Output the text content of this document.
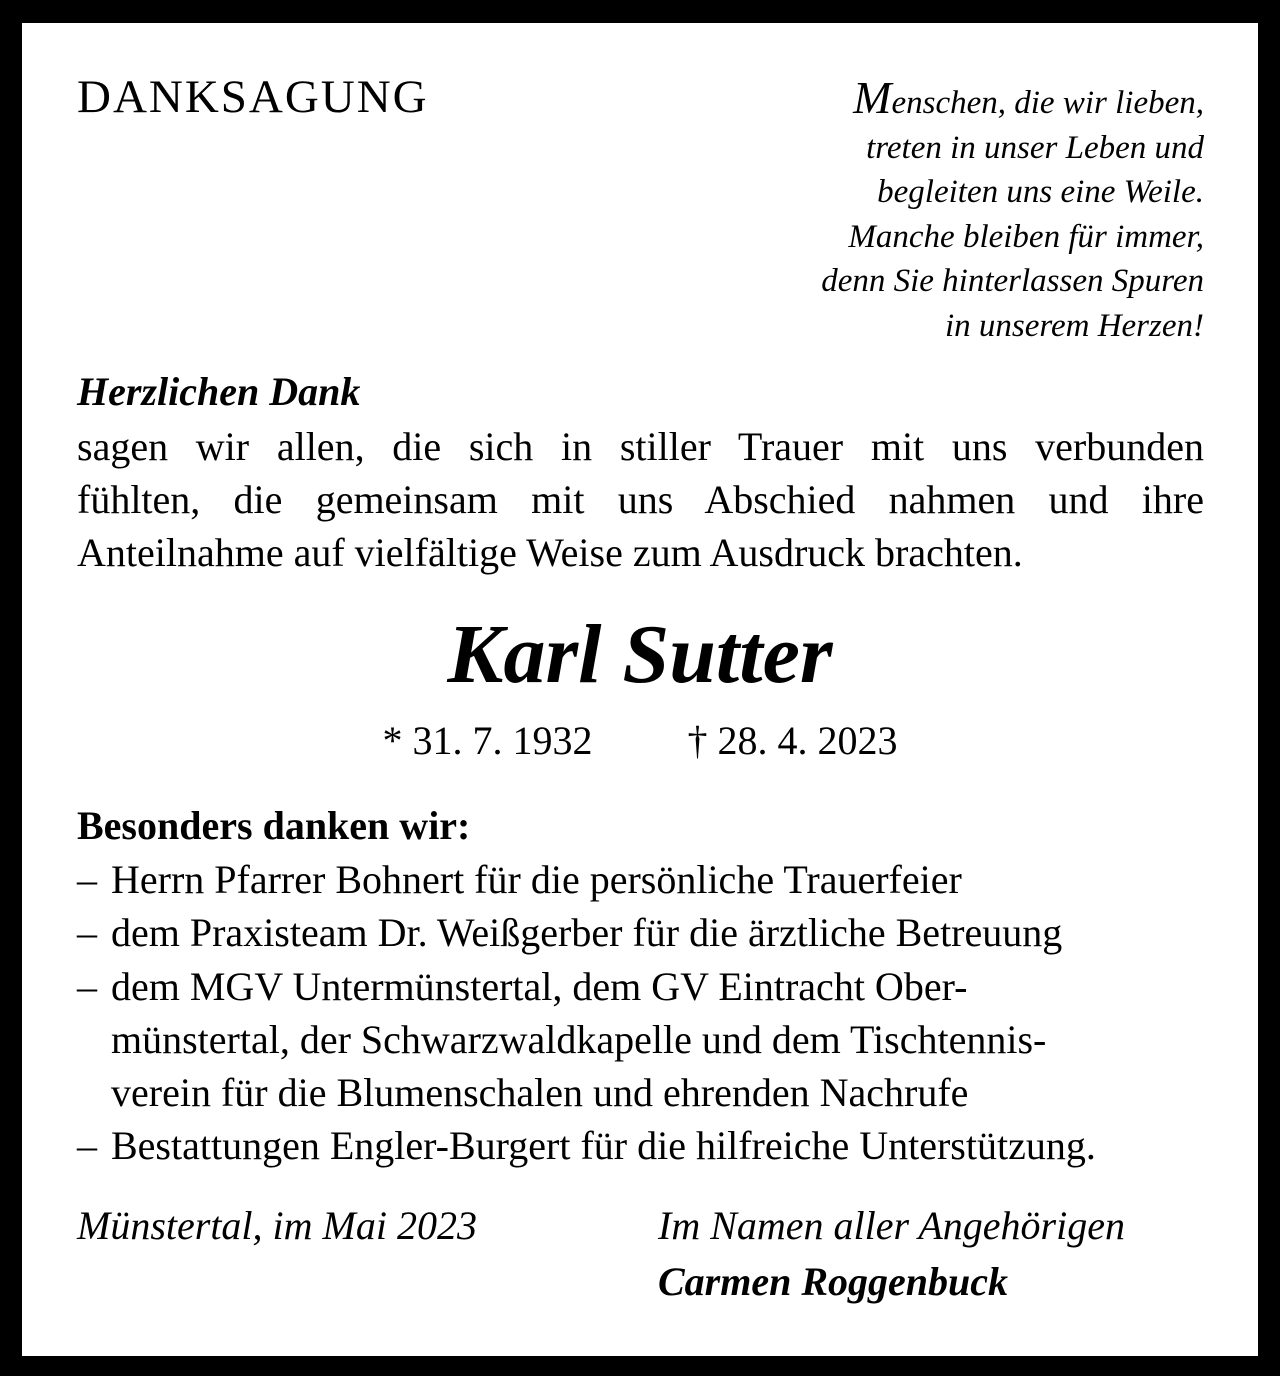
DANKSAGUNG	Menschen, die wir lieben,
treten in unser Leben und
begleiten uns eine Weile.
Manche bleiben für immer,
denn Sie hinterlassen Spuren
in unserem Herzen!
Herzlichen Dank
sagen wir allen, die sich in stiller Trauer mit uns verbunden
fühlten, die gemeinsam mit uns Abschied nahmen und ihre
Anteilnahme auf vielfältige Weise zum Ausdruck brachten.
Karl Sutter
* 31. 7. 1932 † 28. 4. 2023
Besonders danken wir:
– Herrn Pfarrer Bohnert für die persönliche Trauerfeier
– dem Praxisteam Dr. Weißgerber für die ärztliche Betreuung
– dem MGV Untermünstertal, dem GV Eintracht Ober-
münstertal, der Schwarzwaldkapelle und dem Tischtennis-
verein für die Blumenschalen und ehrenden Nachrufe
– Bestattungen Engler-Burgert für die hilfreiche Unterstützung.
Münstertal, im Mai 2023	Im Namen aller Angehörigen
Carmen Roggenbuck
